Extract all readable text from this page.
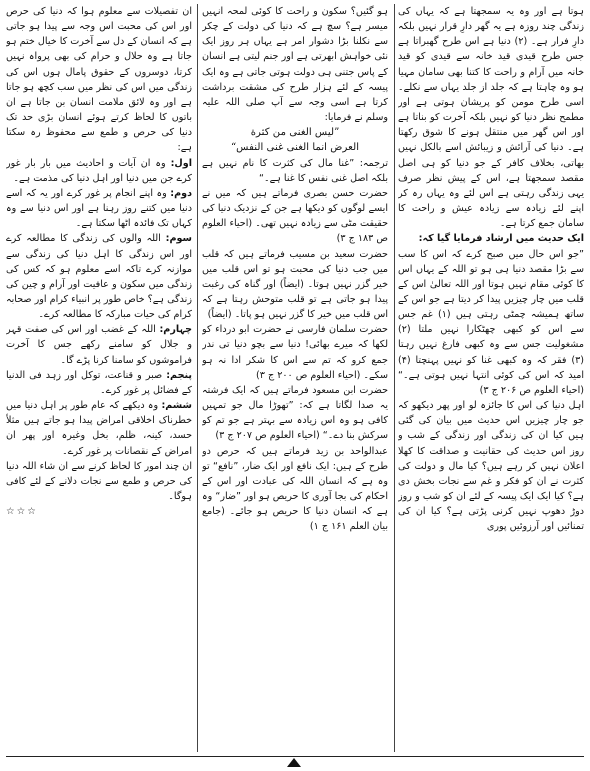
ہوتا ہے اور وہ یہ سمجھتا ہے کہ یہاں کی زندگی چند روزہ ہے یہ گھر دارِ قرار نہیں بلکہ دارِ فرار ہے۔ (۲) دنیا ہے اس طرح گھبراتا ہے جس طرح قیدی قید خانہ سے قیدی کو قید خانہ میں آرام و راحت کا کتنا بھی سامان مہیا ہو وہ چاہتا ہے کہ جلد از جلد یہاں سے نکلے۔ اسی طرح مومن کو پریشان ہوتی ہے اور مطمح نظر دنیا کو نہیں بلکہ آخرت کو بناتا ہے اور اس گھر میں منتقل ہونے کا شوق رکھتا ہے۔ دنیا کی آرائش و زیبائش اسے بالکل نہیں بھاتی، بخلاف کافر کے جو دنیا کو ہی اصل مقصد سمجھتا ہے، اس کے پیش نظر صرف یہی زندگی رہتی ہے اس لئے وہ یہاں رہ کر اپنے لئے زیادہ سے زیادہ عیش و راحت کا سامان جمع کرتا ہے۔

ایک حدیث میں ارشاد فرمایا گیا کہ:

”جو اس حال میں صبح کرے کہ اس کا سب سے بڑا مقصد دنیا ہی ہو تو اللہ کے یہاں اس کا کوئی مقام نہیں ہوتا اور اللہ تعالیٰ اس کے قلب میں چار چیزیں پیدا کر دیتا ہے جو اس کے ساتھ ہمیشہ چمٹی رہتی ہیں (۱) غم جس سے اس کو کبھی چھٹکارا نہیں ملتا (۲) مشغولیت جس سے وہ کبھی فارغ نہیں رہتا (۳) فقر کہ وہ کبھی غنا کو نہیں پہنچتا (۴) امید کہ اس کی کوئی انتہا نہیں ہوتی ہے۔“ (احیاء العلوم ص ۲۰۶ ج ۳)

اہل دنیا کی اس کا جائزہ لو اور پھر دیکھو کہ جو چار چیزیں اس حدیث میں بیان کی گئی ہیں کیا ان کی زندگی اور زندگی کے شب و روز اس حدیث کی حقانیت و صداقت کا کھلا اعلان نہیں کر رہے ہیں؟ کیا مال و دولت کی کثرت نے ان کو فکر و غم سے نجات بخش دی ہے؟ کیا ایک ایک پیسہ کے لئے ان کو شب و روز دوڑ دھوپ نہیں کرنی پڑتی ہے؟ کیا ان کی تمنائیں اور آرزوئیں پوری

ہو گئیں؟ سکون و راحت کا کوئی لمحہ انہیں میسر ہے؟ سچ ہے کہ دنیا کی دولت کے چکر سے نکلنا بڑا دشوار امر ہے یہاں ہر روز ایک نئی خواہش ابھرتی ہے اور جنم لیتی ہے انسان کے پاس جتنی ہی دولت ہوتی جاتی ہے وہ ایک پیسہ کے لئے ہزار طرح کی مشقت برداشت کرتا ہے اسی وجہ سے آپ صلی اللہ علیہ وسلم نے فرمایا:

”لیس الغنی من کثرة

العرض انما الغنی غنی النفس“

ترجمہ: ”غنا مال کی کثرت کا نام نہیں ہے بلکہ اصل غنی نفس کا غنا ہے۔“

حضرت حسن بصری فرماتے ہیں کہ میں نے ایسے لوگوں کو دیکھا ہے جن کے نزدیک دنیا کی حقیقت مٹی سے زیادہ نہیں تھی۔ (احیاء العلوم ص ۱۸۳ ج ۳)

حضرت سعید بن مسیب فرماتے ہیں کہ قلب میں جب دنیا کی محبت ہو تو اس قلب میں خیر گزر نہیں ہوتا۔ (ایضاً) اور گناہ کی رغبت پیدا ہو جاتی ہے تو قلب متوحش رہتا ہے کہ اس قلب میں خیر کا گزر نہیں ہو پاتا۔ (ایضاً)

حضرت سلمان فارسی نے حضرت ابو درداء کو لکھا کہ میرے بھائی! دنیا سے بچو دنیا تی ندر جمع کرو کہ تم سے اس کا شکر ادا نہ ہو سکے۔ (احیاء العلوم ص ۲۰۰ ج ۳)

حضرت ابن مسعود فرماتے ہیں کہ ایک فرشتہ یہ صدا لگاتا ہے کہ: ”تھوڑا مال جو تمہیں کافی ہو وہ اس زیادہ سے بہتر ہے جو تم کو سرکش بنا دے۔“ (احیاء العلوم ص ۲۰۷ ج ۳)

عبدالواحد بن زید فرماتے ہیں کہ حرص دو طرح کے ہیں: ایک نافع اور ایک ضار، ”نافع“ تو وہ ہے کہ انسان اللہ کی عبادت اور اس کے احکام کی بجا آوری کا حریص ہو اور ”ضار“ وہ ہے کہ انسان دنیا کا حریص ہو جائے۔ (جامع بیان العلم ۱۶۱ ج ۱)

ان تفصیلات سے معلوم ہوا کہ دنیا کی حرص اور اس کی محبت اس وجہ سے پیدا ہو جاتی ہے کہ انسان کے دل سے آخرت کا خیال ختم ہو جاتا ہے وہ حلال و حرام کی بھی پرواہ نہیں کرتا، دوسروں کے حقوق پامال ہوں اس کی زندگی میں اس کی نظر میں سب کچھ ہو جاتا ہے اور وہ لائق ملامت انسان بن جاتا ہے ان باتوں کا لحاظ کرتے ہوئے انسان بڑی حد تک دنیا کی حرص و طمع سے محفوظ رہ سکتا ہے:

اول: وہ ان آیات و احادیث میں بار بار غور کرے جن میں دنیا اور اہل دنیا کی مذمت ہے۔

دوم: وہ اپنے انجام پر غور کرے اور یہ کہ اسے دنیا میں کتنے روز رہنا ہے اور اس دنیا سے وہ کہاں تک فائدہ اٹھا سکتا ہے۔

سوم: اللہ والوں کی زندگی کا مطالعہ کرے اور اس زندگی کا اہل دنیا کی زندگی سے موازنہ کرے تاکہ اسے معلوم ہو کہ کس کی زندگی میں سکون و عافیت اور آرام و چین کی زندگی ہے؟ خاص طور پر انبیاء کرام اور صحابہ کرام کی حیات مبارکہ کا مطالعہ کرے۔

چہارم: اللہ کے غضب اور اس کی صفت قہر و جلال کو سامنے رکھے جس کا آخرت فراموشوں کو سامنا کرنا پڑے گا۔

پنجم: صبر و قناعت، توکل اور زہد فی الدنیا کے فضائل پر غور کرے۔

ششم: وہ دیکھے کہ عام طور پر اہل دنیا میں خطرناک اخلاقی امراض پیدا ہو جاتے ہیں مثلاً حسد، کینہ، ظلم، بخل وغیرہ اور پھر ان امراض کے نقصانات پر غور کرے۔

ان چند امور کا لحاظ کرنے سے ان شاء اللہ دنیا کی حرص و طمع سے نجات دلانے کے لئے کافی ہوگا۔

☆☆☆
